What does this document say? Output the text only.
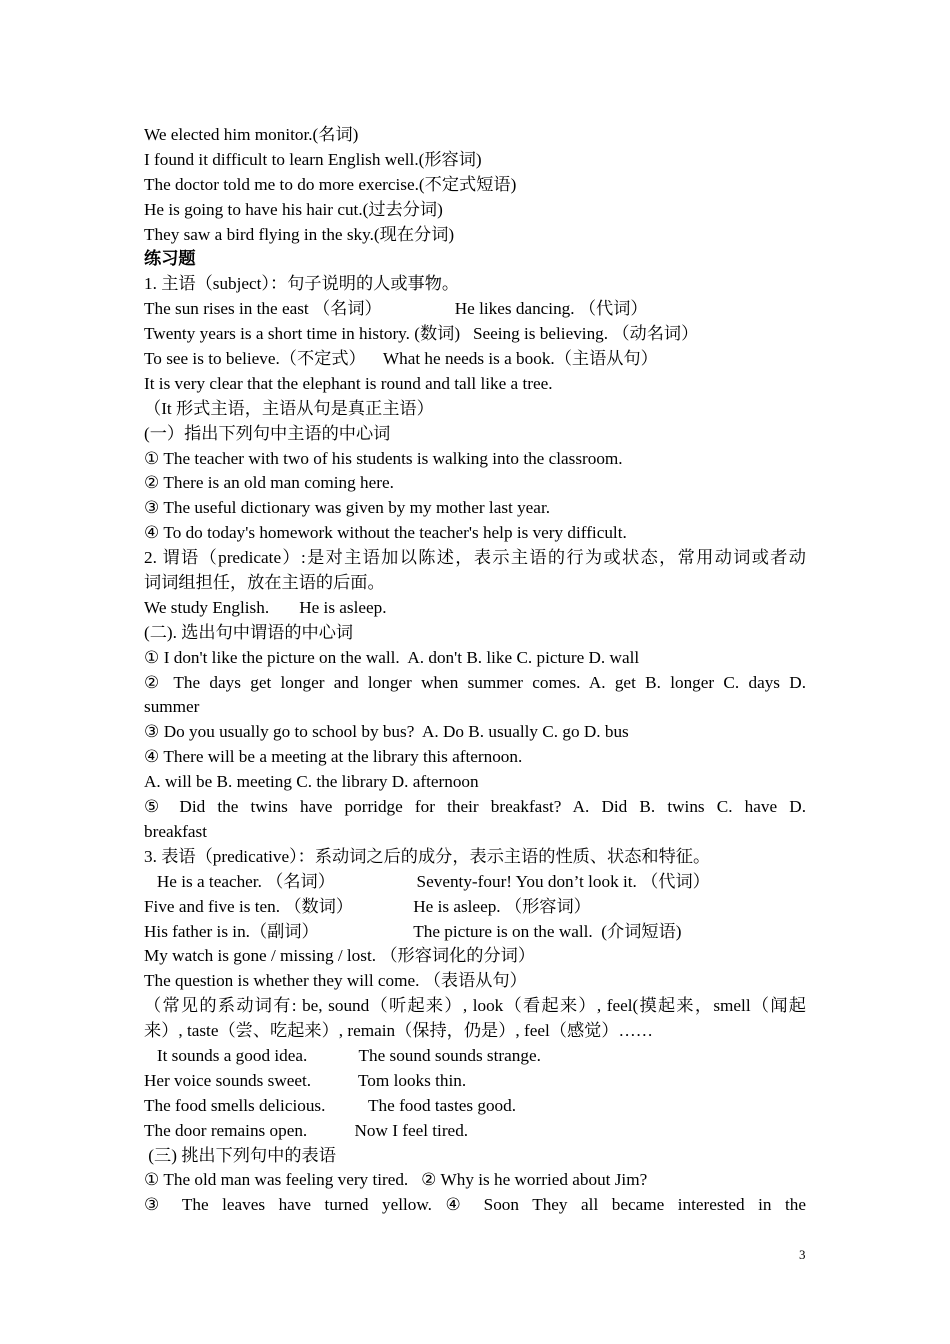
We elected him monitor.(名词)
I found it difficult to learn English well.(形容词)
The doctor told me to do more exercise.(不定式短语)
He is going to have his hair cut.(过去分词)
They saw a bird flying in the sky.(现在分词)
练习题
1. 主语（subject）：句子说明的人或事物。
The sun rises in the east （名词）                 He likes dancing. （代词）
Twenty years is a short time in history. (数词)   Seeing is believing. （动名词）
To see is to believe.（不定式）    What he needs is a book.（主语从句）
It is very clear that the elephant is round and tall like a tree.
（It 形式主语，主语从句是真正主语）
(一）指出下列句中主语的中心词
① The teacher with two of his students is walking into the classroom.
② There is an old man coming here.
③ The useful dictionary was given by my mother last year.
④ To do today's homework without the teacher's help is very difficult.
2. 谓语（predicate）:是对主语加以陈述，表示主语的行为或状态，常用动词或者动
词词组担任，放在主语的后面。
We study English.       He is asleep.
(二). 选出句中谓语的中心词
① I don't like the picture on the wall.  A. don't B. like C. picture D. wall
② The days get longer and longer when summer comes. A. get B. longer C. days D.
summer
③ Do you usually go to school by bus?  A. Do B. usually C. go D. bus
④ There will be a meeting at the library this afternoon.
A. will be B. meeting C. the library D. afternoon
⑤ Did the twins have porridge for their breakfast? A. Did B. twins C. have D.
breakfast
3. 表语（predicative）：系动词之后的成分，表示主语的性质、状态和特征。
He is a teacher. （名词）                   Seventy-four! You don’t look it. （代词）
Five and five is ten. （数词）              He is asleep. （形容词）
His father is in.（副词）                      The picture is on the wall.  (介词短语)
My watch is gone / missing / lost. （形容词化的分词）
The question is whether they will come. （表语从句）
（常见的系动词有: be, sound（听起来）, look（看起来）, feel(摸起来，smell（闻起
来）, taste（尝、吃起来）, remain（保持，仍是）, feel（感觉）……
It sounds a good idea.            The sound sounds strange.
Her voice sounds sweet.           Tom looks thin.
The food smells delicious.          The food tastes good.
The door remains open.           Now I feel tired.
(三) 挑出下列句中的表语
① The old man was feeling very tired.   ② Why is he worried about Jim?
③ The leaves have turned yellow. ④ Soon They all became interested in the
3
